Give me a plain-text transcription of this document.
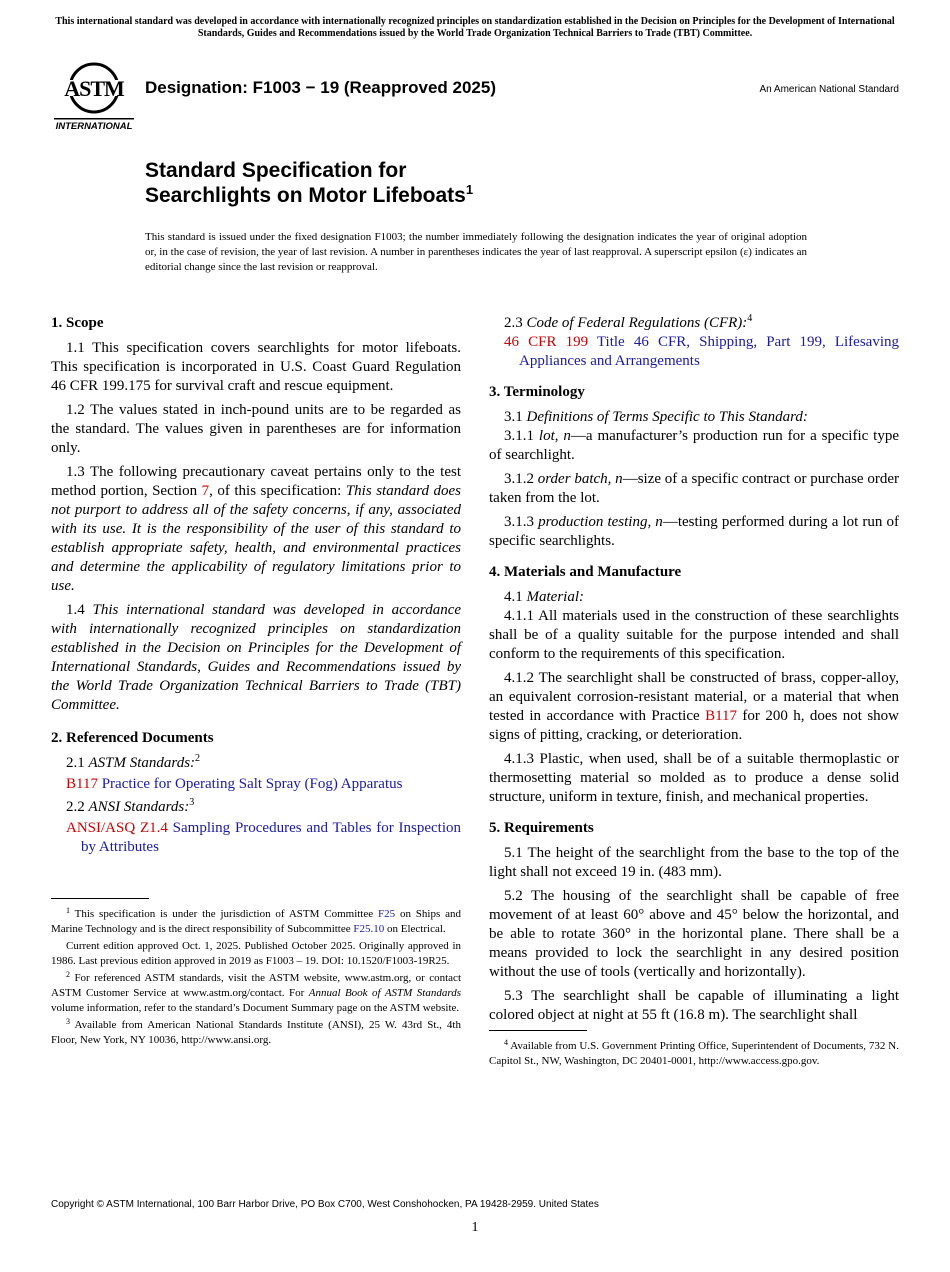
This international standard was developed in accordance with internationally recognized principles on standardization established in the Decision on Principles for the Development of International Standards, Guides and Recommendations issued by the World Trade Organization Technical Barriers to Trade (TBT) Committee.
ASTM
INTERNATIONAL
Designation: F1003 − 19 (Reapproved 2025)	An American National Standard
Standard Specification for
Searchlights on Motor Lifeboats$^1$
This standard is issued under the fixed designation F1003; the number immediately following the designation indicates the year of original adoption or, in the case of revision, the year of last revision. A number in parentheses indicates the year of last reapproval. A superscript epsilon (ε) indicates an editorial change since the last revision or reapproval.

1. Scope

1.1 This specification covers searchlights for motor lifeboats. This specification is incorporated in U.S. Coast Guard Regulation 46 CFR 199.175 for survival craft and rescue equipment.

1.2 The values stated in inch-pound units are to be regarded as the standard. The values given in parentheses are for information only.

1.3 The following precautionary caveat pertains only to the test method portion, Section 7, of this specification: This standard does not purport to address all of the safety concerns, if any, associated with its use. It is the responsibility of the user of this standard to establish appropriate safety, health, and environmental practices and determine the applicability of regulatory limitations prior to use.

1.4 This international standard was developed in accordance with internationally recognized principles on standardization established in the Decision on Principles for the Development of International Standards, Guides and Recommendations issued by the World Trade Organization Technical Barriers to Trade (TBT) Committee.

2. Referenced Documents

2.1 ASTM Standards:$^2$

B117 Practice for Operating Salt Spray (Fog) Apparatus

2.2 ANSI Standards:$^3$

ANSI/ASQ Z1.4 Sampling Procedures and Tables for Inspection by Attributes

2.3 Code of Federal Regulations (CFR):$^4$

46 CFR 199 Title 46 CFR, Shipping, Part 199, Lifesaving Appliances and Arrangements

3. Terminology

3.1 Definitions of Terms Specific to This Standard:

3.1.1 lot, n—a manufacturer’s production run for a specific type of searchlight.

3.1.2 order batch, n—size of a specific contract or purchase order taken from the lot.

3.1.3 production testing, n—testing performed during a lot run of specific searchlights.

4. Materials and Manufacture

4.1 Material:

4.1.1 All materials used in the construction of these searchlights shall be of a quality suitable for the purpose intended and shall conform to the requirements of this specification.

4.1.2 The searchlight shall be constructed of brass, copper-alloy, an equivalent corrosion-resistant material, or a material that when tested in accordance with Practice B117 for 200 h, does not show signs of pitting, cracking, or deterioration.

4.1.3 Plastic, when used, shall be of a suitable thermoplastic or thermosetting material so molded as to produce a dense solid structure, uniform in texture, finish, and mechanical properties.

5. Requirements

5.1 The height of the searchlight from the base to the top of the light shall not exceed 19 in. (483 mm).

5.2 The housing of the searchlight shall be capable of free movement of at least 60° above and 45° below the horizontal, and be able to rotate 360° in the horizontal plane. There shall be a means provided to lock the searchlight in any desired position without the use of tools (vertically and horizontally).

5.3 The searchlight shall be capable of illuminating a light colored object at night at 55 ft (16.8 m). The searchlight shall

$^1$ This specification is under the jurisdiction of ASTM Committee F25 on Ships and Marine Technology and is the direct responsibility of Subcommittee F25.10 on Electrical.

Current edition approved Oct. 1, 2025. Published October 2025. Originally approved in 1986. Last previous edition approved in 2019 as F1003 – 19. DOI: 10.1520/F1003-19R25.

$^2$ For referenced ASTM standards, visit the ASTM website, www.astm.org, or contact ASTM Customer Service at www.astm.org/contact. For Annual Book of ASTM Standards volume information, refer to the standard’s Document Summary page on the ASTM website.

$^3$ Available from American National Standards Institute (ANSI), 25 W. 43rd St., 4th Floor, New York, NY 10036, http://www.ansi.org.	$^4$ Available from U.S. Government Printing Office, Superintendent of Documents, 732 N. Capitol St., NW, Washington, DC 20401-0001, http://www.access.gpo.gov.

Copyright © ASTM International, 100 Barr Harbor Drive, PO Box C700, West Conshohocken, PA 19428-2959. United States
1
